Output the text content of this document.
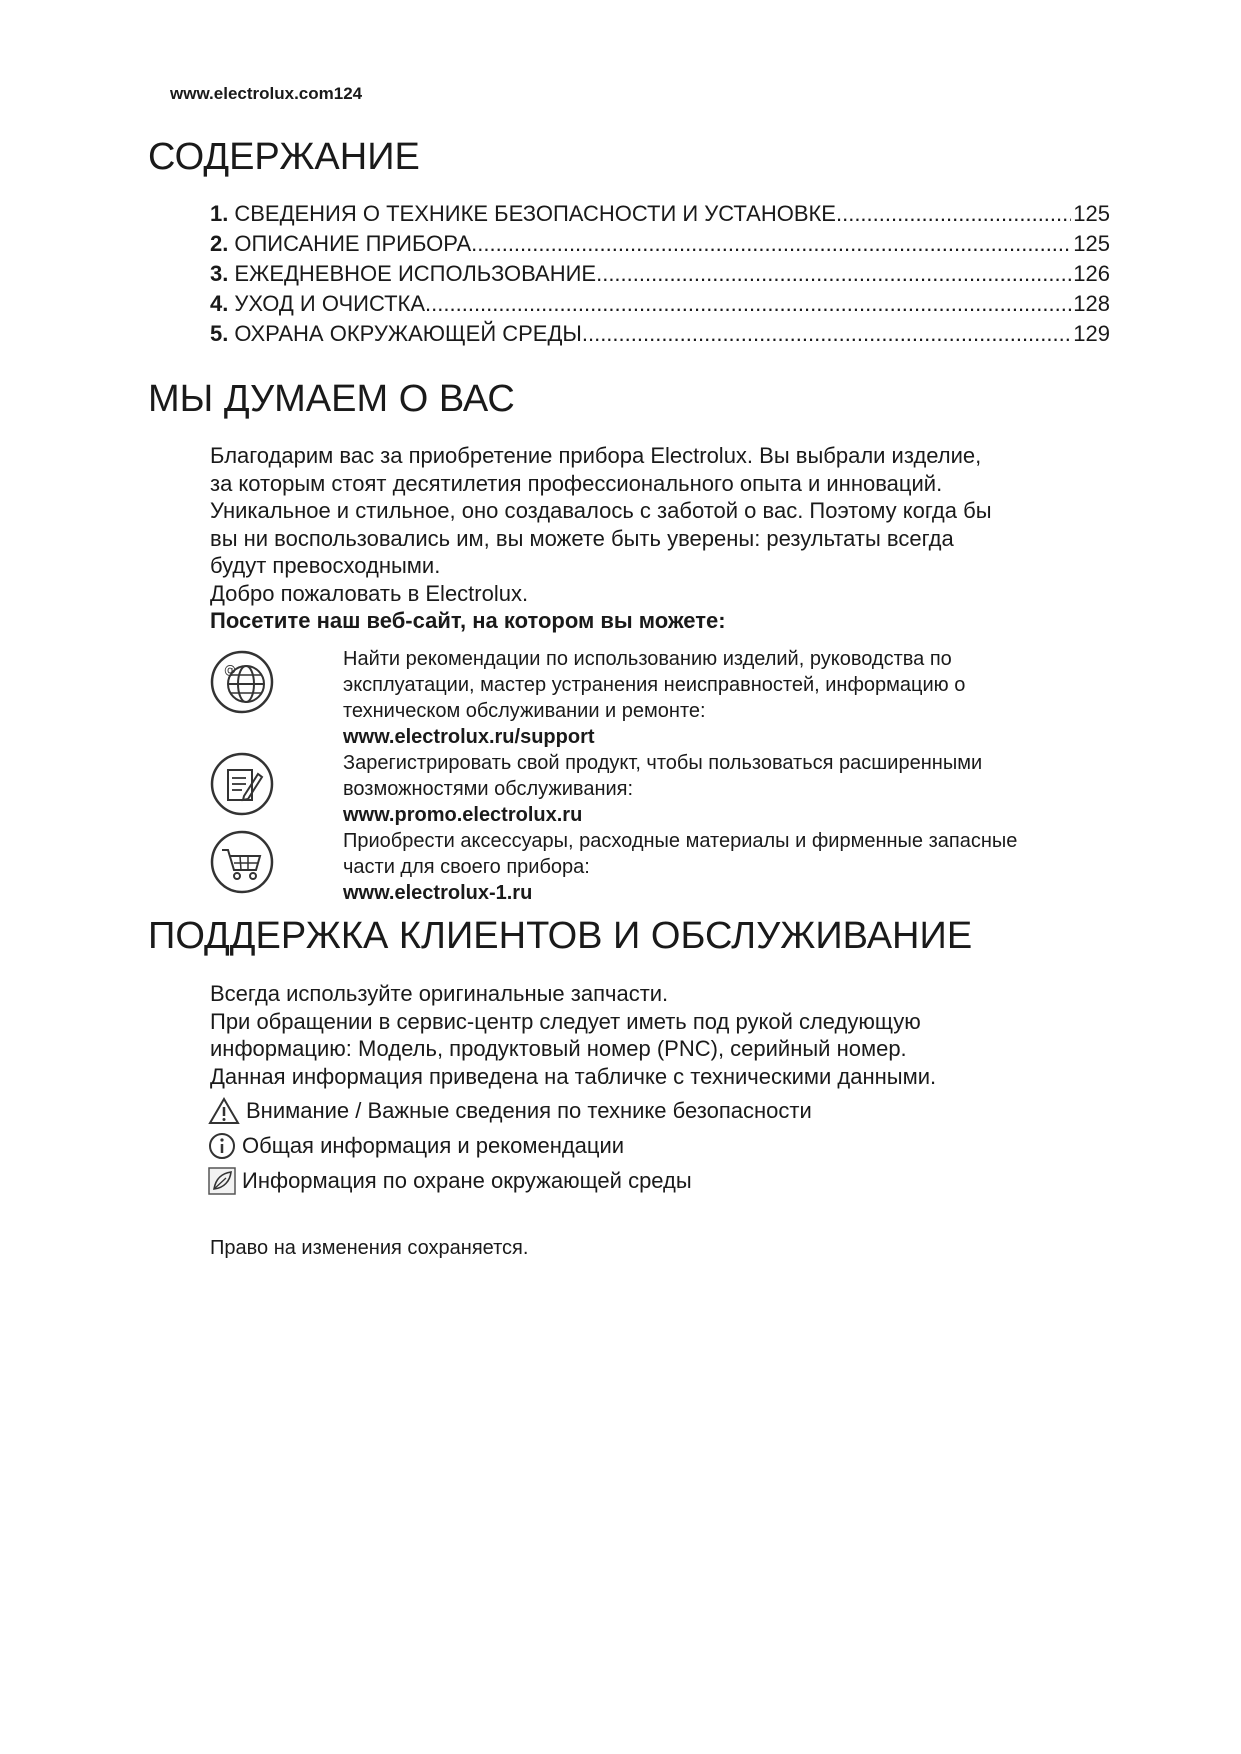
www.electrolux.com124
СОДЕРЖАНИЕ
1. СВЕДЕНИЯ О ТЕХНИКЕ БЕЗОПАСНОСТИ И УСТАНОВКЕ .....	125
2. ОПИСАНИЕ ПРИБОРА .....	125
3. ЕЖЕДНЕВНОЕ ИСПОЛЬЗОВАНИЕ .....	126
4. УХОД И ОЧИСТКА .....	128
5. ОХРАНА ОКРУЖАЮЩЕЙ СРЕДЫ .....	129
МЫ ДУМАЕМ О ВАС
Благодарим вас за приобретение прибора Electrolux. Вы выбрали изделие,
за которым стоят десятилетия профессионального опыта и инноваций.
Уникальное и стильное, оно создавалось с заботой о вас. Поэтому когда бы
вы ни воспользовались им, вы можете быть уверены: результаты всегда
будут превосходными.
Добро пожаловать в Electrolux.
Посетите наш веб-сайт, на котором вы можете:
@	Найти рекомендации по использованию изделий, руководства по
эксплуатации, мастер устранения неисправностей, информацию о
техническом обслуживании и ремонте:
www.electrolux.ru/support
Зарегистрировать свой продукт, чтобы пользоваться расширенными
возможностями обслуживания:
www.promo.electrolux.ru
Приобрести аксессуары, расходные материалы и фирменные запасные
части для своего прибора:
www.electrolux-1.ru
ПОДДЕРЖКА КЛИЕНТОВ И ОБСЛУЖИВАНИЕ
Всегда используйте оригинальные запчасти.
При обращении в сервис-центр следует иметь под рукой следующую
информацию: Модель, продуктовый номер (PNC), серийный номер.
Данная информация приведена на табличке с техническими данными.
Внимание / Важные сведения по технике безопасности
Общая информация и рекомендации
Информация по охране окружающей среды
Право на изменения сохраняется.
